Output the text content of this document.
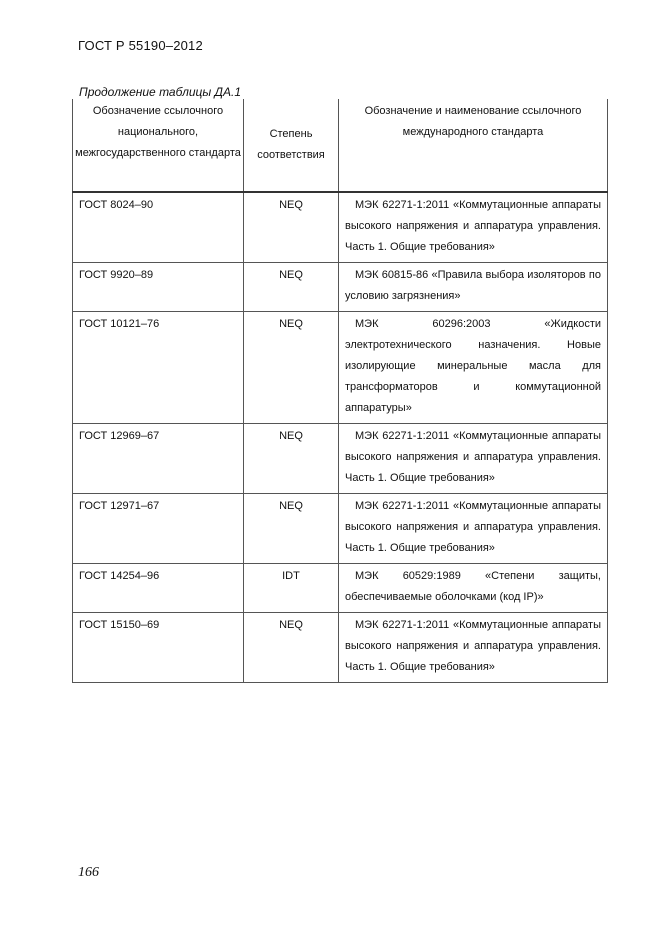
ГОСТ Р 55190–2012
Продолжение таблицы ДА.1
Обозначение ссылочного национального, межгосударственного стандарта	Степень соответствия	Обозначение и наименование ссылочного международного стандарта
ГОСТ 8024–90	NEQ	МЭК 62271-1:2011 «Коммутационные аппараты высокого напряжения и аппаратура управления. Часть 1. Общие требования»
ГОСТ 9920–89	NEQ	МЭК 60815-86 «Правила выбора изоляторов по условию загрязнения»
ГОСТ 10121–76	NEQ	МЭК 60296:2003 «Жидкости электротехнического назначения. Новые изолирующие минеральные масла для трансформаторов и коммутационной аппаратуры»
ГОСТ 12969–67	NEQ	МЭК 62271-1:2011 «Коммутационные аппараты высокого напряжения и аппаратура управления. Часть 1. Общие требования»
ГОСТ 12971–67	NEQ	МЭК 62271-1:2011 «Коммутационные аппараты высокого напряжения и аппаратура управления. Часть 1. Общие требования»
ГОСТ 14254–96	IDT	МЭК 60529:1989 «Степени защиты, обеспечиваемые оболочками (код IP)»
ГОСТ 15150–69	NEQ	МЭК 62271-1:2011 «Коммутационные аппараты высокого напряжения и аппаратура управления. Часть 1. Общие требования»
166
